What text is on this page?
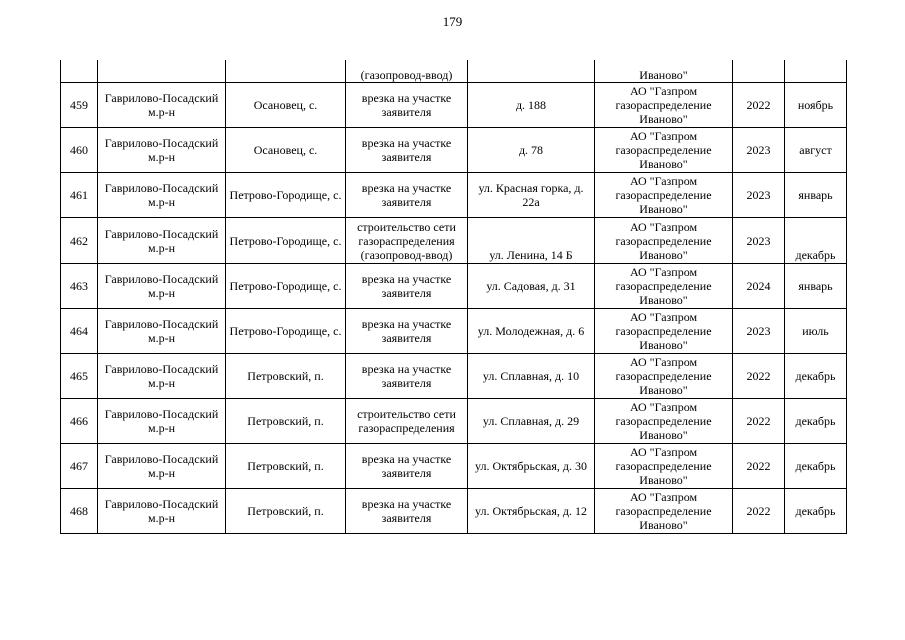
179
			(газопровод-ввод)		Иваново"		
459	Гаврилово-Посадский м.р-н	Осановец, с.	врезка на участке заявителя	д. 188	АО "Газпром газораспределение Иваново"	2022	ноябрь
460	Гаврилово-Посадский м.р-н	Осановец, с.	врезка на участке заявителя	д. 78	АО "Газпром газораспределение Иваново"	2023	август
461	Гаврилово-Посадский м.р-н	Петрово-Городище, с.	врезка на участке заявителя	ул. Красная горка, д. 22а	АО "Газпром газораспределение Иваново"	2023	январь
462	Гаврилово-Посадский м.р-н	Петрово-Городище, с.	строительство сети газораспределения (газопровод-ввод)	ул. Ленина, 14 Б	АО "Газпром газораспределение Иваново"	2023	декабрь
463	Гаврилово-Посадский м.р-н	Петрово-Городище, с.	врезка на участке заявителя	ул. Садовая, д. 31	АО "Газпром газораспределение Иваново"	2024	январь
464	Гаврилово-Посадский м.р-н	Петрово-Городище, с.	врезка на участке заявителя	ул. Молодежная, д. 6	АО "Газпром газораспределение Иваново"	2023	июль
465	Гаврилово-Посадский м.р-н	Петровский, п.	врезка на участке заявителя	ул. Сплавная, д. 10	АО "Газпром газораспределение Иваново"	2022	декабрь
466	Гаврилово-Посадский м.р-н	Петровский, п.	строительство сети газораспределения	ул. Сплавная, д. 29	АО "Газпром газораспределение Иваново"	2022	декабрь
467	Гаврилово-Посадский м.р-н	Петровский, п.	врезка на участке заявителя	ул. Октябрьская, д. 30	АО "Газпром газораспределение Иваново"	2022	декабрь
468	Гаврилово-Посадский м.р-н	Петровский, п.	врезка на участке заявителя	ул. Октябрьская, д. 12	АО "Газпром газораспределение Иваново"	2022	декабрь
